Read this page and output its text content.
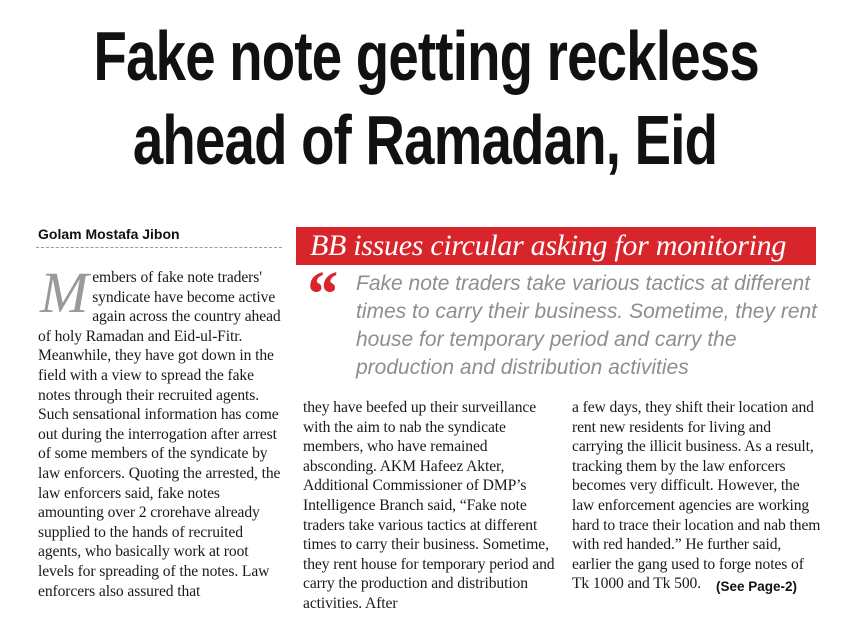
Fake note getting reckless
ahead of Ramadan, Eid
Golam Mostafa Jibon	BB issues circular asking for monitoring
“ Fake note traders take various tactics at different times to carry their business. Sometime, they rent house for temporary period and carry the production and distribution activities

Members of fake note traders' syndicate have become active again across the country ahead of holy Ramadan and Eid-ul-Fitr. Meanwhile, they have got down in the field with a view to spread the fake notes through their recruited agents. Such sensational information has come out during the interrogation after arrest of some members of the syndicate by law enforcers. Quoting the arrested, the law enforcers said, fake notes amounting over 2 crorehave already supplied to the hands of recruited agents, who basically work at root levels for spreading of the notes. Law enforcers also assured that

they have beefed up their surveillance with the aim to nab the syndicate members, who have remained absconding. AKM Hafeez Akter, Additional Commissioner of DMP’s Intelligence Branch said, “Fake note traders take various tactics at different times to carry their business. Sometime, they rent house for temporary period and carry the production and distribution activities. After

a few days, they shift their location and rent new residents for living and carrying the illicit business. As a result, tracking them by the law enforcers becomes very difficult. However, the law enforcement agencies are working hard to trace their location and nab them with red handed.” He further said, earlier the gang used to forge notes of Tk 1000 and Tk 500.	(See Page-2)
